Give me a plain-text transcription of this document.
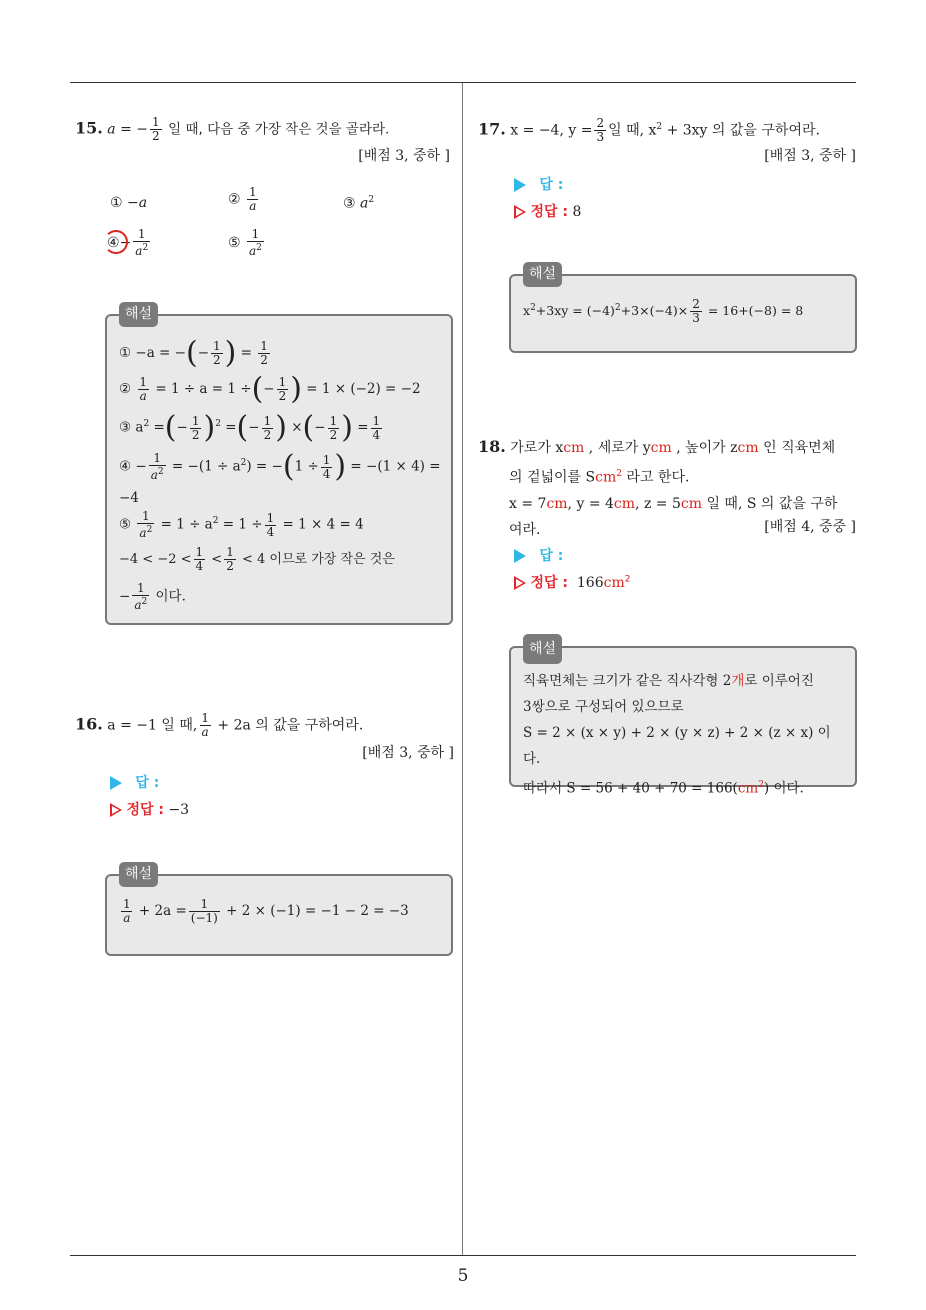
5
15. a = − $\frac{1}{2}$ 일 때, 다음 중 가장 작은 것을 골라라.
[배점 3, 중하 ]
① −a	② $\frac{1}{a}$	③ $a^2$
④− $\frac{1}{a^2}$	⑤ $\frac{1}{a^2}$
해설
① −a = −(− $\frac{1}{2}$ ) = $\frac{1}{2}$
② $\frac{1}{a} = 1 \div a = 1$ ÷(− $\frac{1}{2}$ ) = 1 × (−2) = −2
③ $a^2$ =(− $\frac{1}{2} )^2$ =(− $\frac{1}{2}$ ) ×(− $\frac{1}{2}$ ) = $\frac{1}{4}$
④ − $\frac{1}{a^2} = -(1 \div a^2) = -(1 \div \frac{1}{4}$ ) = −(1 × 4) =
−4
⑤ $\frac{1}{a^2} = 1 \div a^2 = 1 \div \frac{1}{4} = 1 \times 4 = 4$
$-4 < -2 < \frac{1}{4} < \frac{1}{2} < 4$ 이므로 가장 작은 것은
− $\frac{1}{a^2}$ 이다.
16. a = −1 일 때, $\frac{1}{a} + 2a$ 의 값을 구하여라.
[배점 3, 중하 ]
답 :
정답 : −3
해설
$\frac{1}{a} + 2a = \frac{1}{(-1)} + 2 \times (-1) = -1 - 2 = -3$
17. x = −4, $y = \frac{2}{3}$ 일 때, $x^2 + 3xy$ 의 값을 구하여라.
[배점 3, 중하 ]
답 :
정답 : 8
해설
$x^2+3xy = (-4)^2+3\times(-4)\times \frac{2}{3} = 16+(-8) = 8$
18. 가로가 xcm , 세로가 ycm , 높이가 zcm 인 직육면체
의 겉넓이를 Scm$^2$ 라고 한다.
x = 7cm, y = 4cm, z = 5cm 일 때, S 의 값을 구하
여라.	[배점 4, 중중 ]
답 :
정답 : $166cm^2$
해설
직육면체는 크기가 같은 직사각형 2개로 이루어진
3쌍으로 구성되어 있으므로
S = 2 × (x × y) + 2 × (y × z) + 2 × (z × x) 이다.
따라서 $S = 56 + 40 + 70 = 166(cm^2)$ 이다.
